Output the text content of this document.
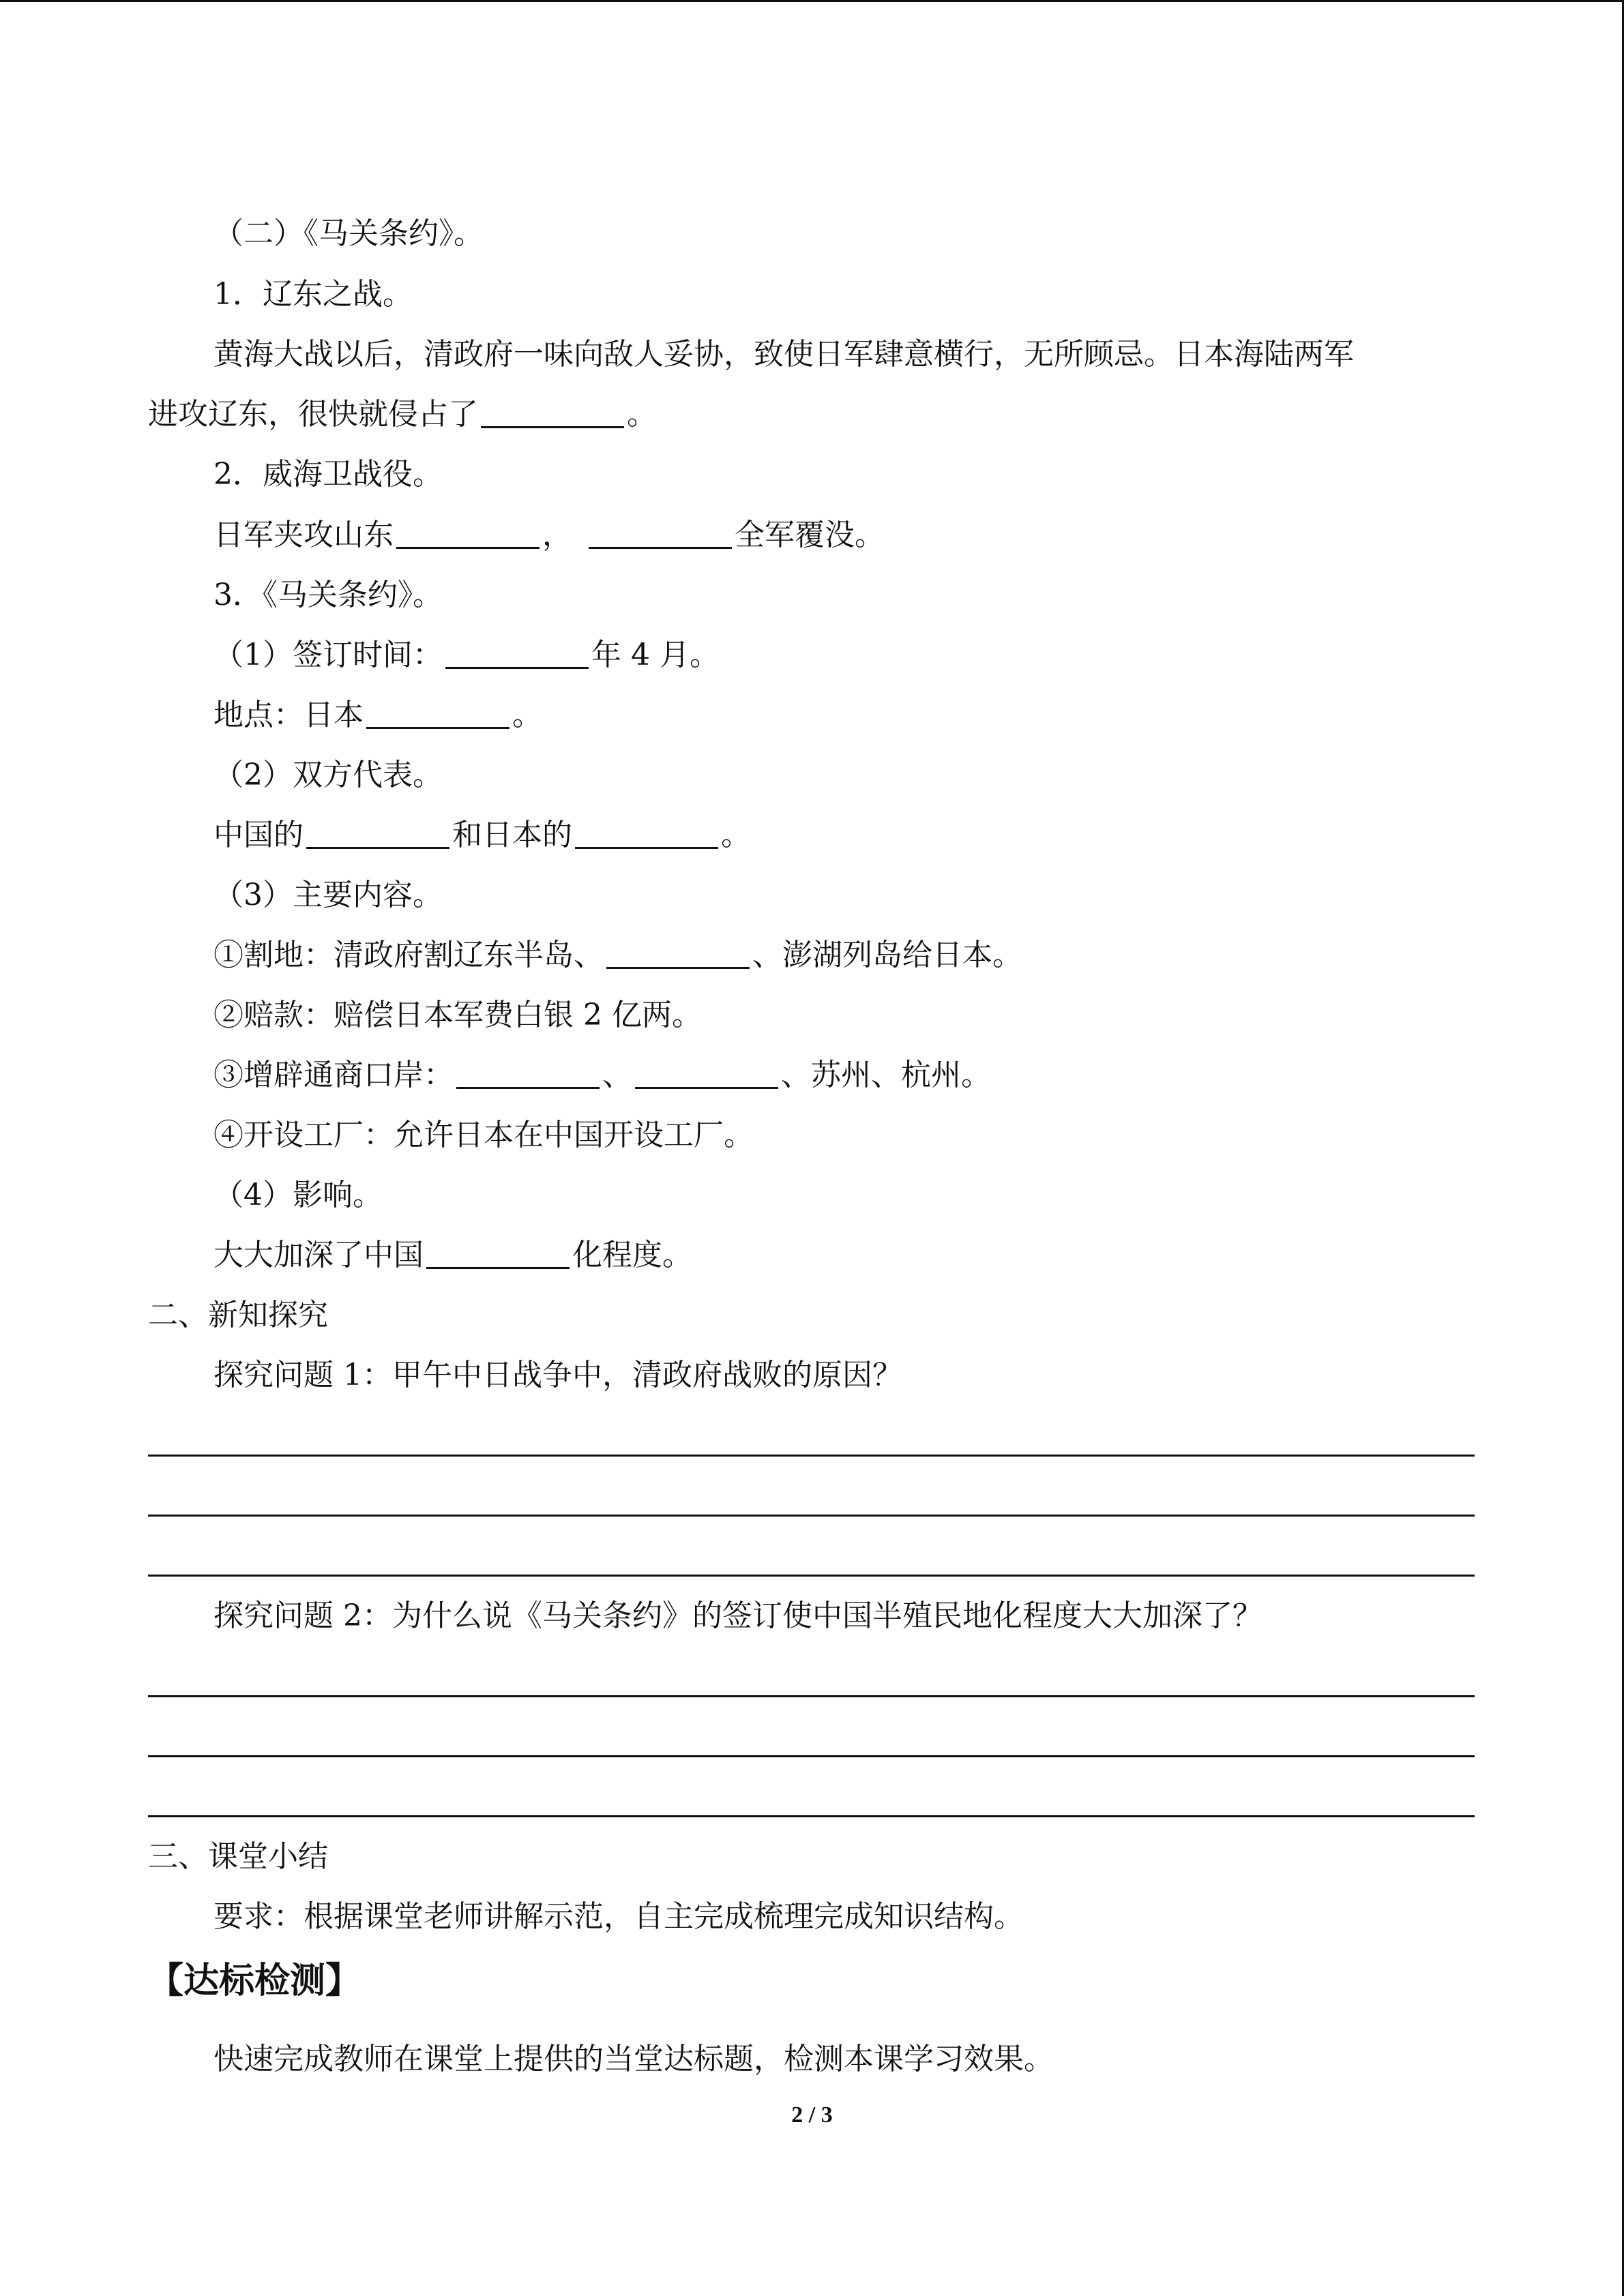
（二）《马关条约》。
1．辽东之战。
黄海大战以后，清政府一味向敌人妥协，致使日军肆意横行，无所顾忌。日本海陆两军
进攻辽东，很快就侵占了	。
2．威海卫战役。
日军夹攻山东	，	全军覆没。
3．《马关条约》。
（1）签订时间：	年 4 月。
地点：日本	。
（2）双方代表。
中国的	和日本的	。
（3）主要内容。
①割地：清政府割辽东半岛、	、澎湖列岛给日本。
②赔款：赔偿日本军费白银 2 亿两。
③增辟通商口岸：	、	、苏州、杭州。
④开设工厂：允许日本在中国开设工厂。
（4）影响。
大大加深了中国	化程度。
二、新知探究
探究问题 1：甲午中日战争中，清政府战败的原因？
探究问题 2：为什么说《马关条约》的签订使中国半殖民地化程度大大加深了？
三、课堂小结
要求：根据课堂老师讲解示范，自主完成梳理完成知识结构。
【达标检测】
快速完成教师在课堂上提供的当堂达标题，检测本课学习效果。
2 / 3
